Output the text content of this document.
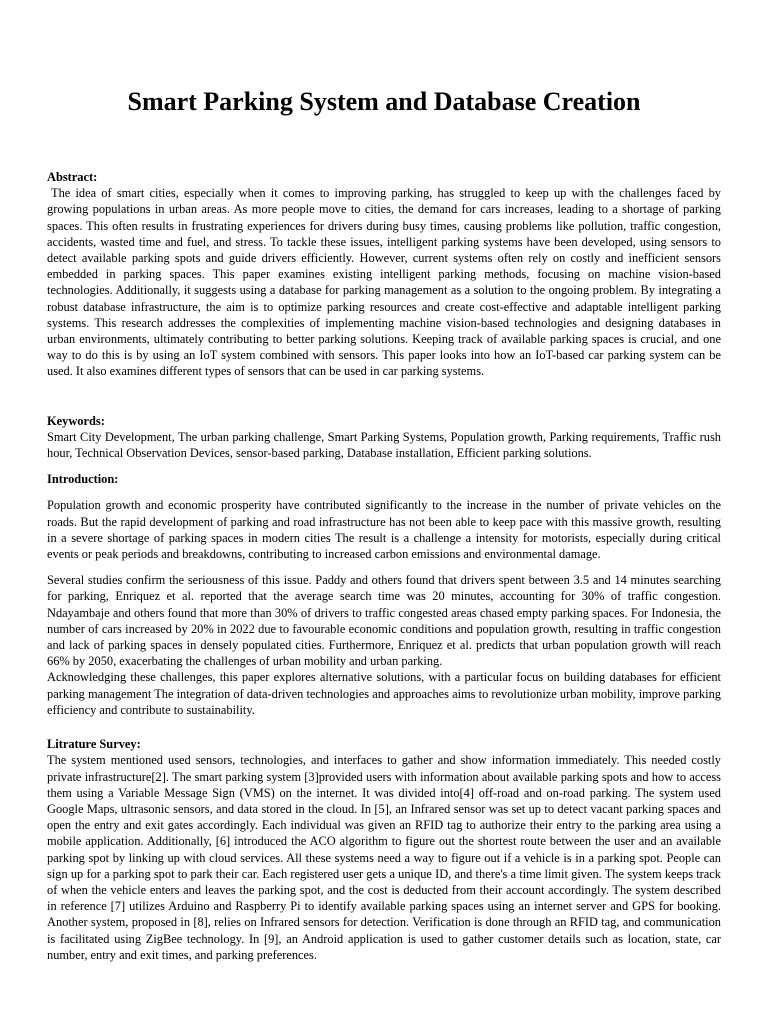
Smart Parking System and Database Creation
Abstract:

The idea of smart cities, especially when it comes to improving parking, has struggled to keep up with the challenges faced by growing populations in urban areas. As more people move to cities, the demand for cars increases, leading to a shortage of parking spaces. This often results in frustrating experiences for drivers during busy times, causing problems like pollution, traffic congestion, accidents, wasted time and fuel, and stress. To tackle these issues, intelligent parking systems have been developed, using sensors to detect available parking spots and guide drivers efficiently. However, current systems often rely on costly and inefficient sensors embedded in parking spaces. This paper examines existing intelligent parking methods, focusing on machine vision-based technologies. Additionally, it suggests using a database for parking management as a solution to the ongoing problem. By integrating a robust database infrastructure, the aim is to optimize parking resources and create cost-effective and adaptable intelligent parking systems. This research addresses the complexities of implementing machine vision-based technologies and designing databases in urban environments, ultimately contributing to better parking solutions. Keeping track of available parking spaces is crucial, and one way to do this is by using an IoT system combined with sensors. This paper looks into how an IoT-based car parking system can be used. It also examines different types of sensors that can be used in car parking systems.

Keywords:

Smart City Development, The urban parking challenge, Smart Parking Systems, Population growth, Parking requirements, Traffic rush hour, Technical Observation Devices, sensor-based parking, Database installation, Efficient parking solutions.

Introduction:

Population growth and economic prosperity have contributed significantly to the increase in the number of private vehicles on the roads. But the rapid development of parking and road infrastructure has not been able to keep pace with this massive growth, resulting in a severe shortage of parking spaces in modern cities The result is a challenge a intensity for motorists, especially during critical events or peak periods and breakdowns, contributing to increased carbon emissions and environmental damage.

Several studies confirm the seriousness of this issue. Paddy and others found that drivers spent between 3.5 and 14 minutes searching for parking, Enriquez et al. reported that the average search time was 20 minutes, accounting for 30% of traffic congestion. Ndayambaje and others found that more than 30% of drivers to traffic congested areas chased empty parking spaces. For Indonesia, the number of cars increased by 20% in 2022 due to favourable economic conditions and population growth, resulting in traffic congestion and lack of parking spaces in densely populated cities. Furthermore, Enriquez et al. predicts that urban population growth will reach 66% by 2050, exacerbating the challenges of urban mobility and urban parking.

Acknowledging these challenges, this paper explores alternative solutions, with a particular focus on building databases for efficient parking management The integration of data-driven technologies and approaches aims to revolutionize urban mobility, improve parking efficiency and contribute to sustainability.

Litrature Survey:

The system mentioned used sensors, technologies, and interfaces to gather and show information immediately. This needed costly private infrastructure[2]. The smart parking system [3]provided users with information about available parking spots and how to access them using a Variable Message Sign (VMS) on the internet. It was divided into[4] off-road and on-road parking. The system used Google Maps, ultrasonic sensors, and data stored in the cloud. In [5], an Infrared sensor was set up to detect vacant parking spaces and open the entry and exit gates accordingly. Each individual was given an RFID tag to authorize their entry to the parking area using a mobile application. Additionally, [6] introduced the ACO algorithm to figure out the shortest route between the user and an available parking spot by linking up with cloud services. All these systems need a way to figure out if a vehicle is in a parking spot. People can sign up for a parking spot to park their car. Each registered user gets a unique ID, and there's a time limit given. The system keeps track of when the vehicle enters and leaves the parking spot, and the cost is deducted from their account accordingly. The system described in reference [7] utilizes Arduino and Raspberry Pi to identify available parking spaces using an internet server and GPS for booking. Another system, proposed in [8], relies on Infrared sensors for detection. Verification is done through an RFID tag, and communication is facilitated using ZigBee technology. In [9], an Android application is used to gather customer details such as location, state, car number, entry and exit times, and parking preferences.
